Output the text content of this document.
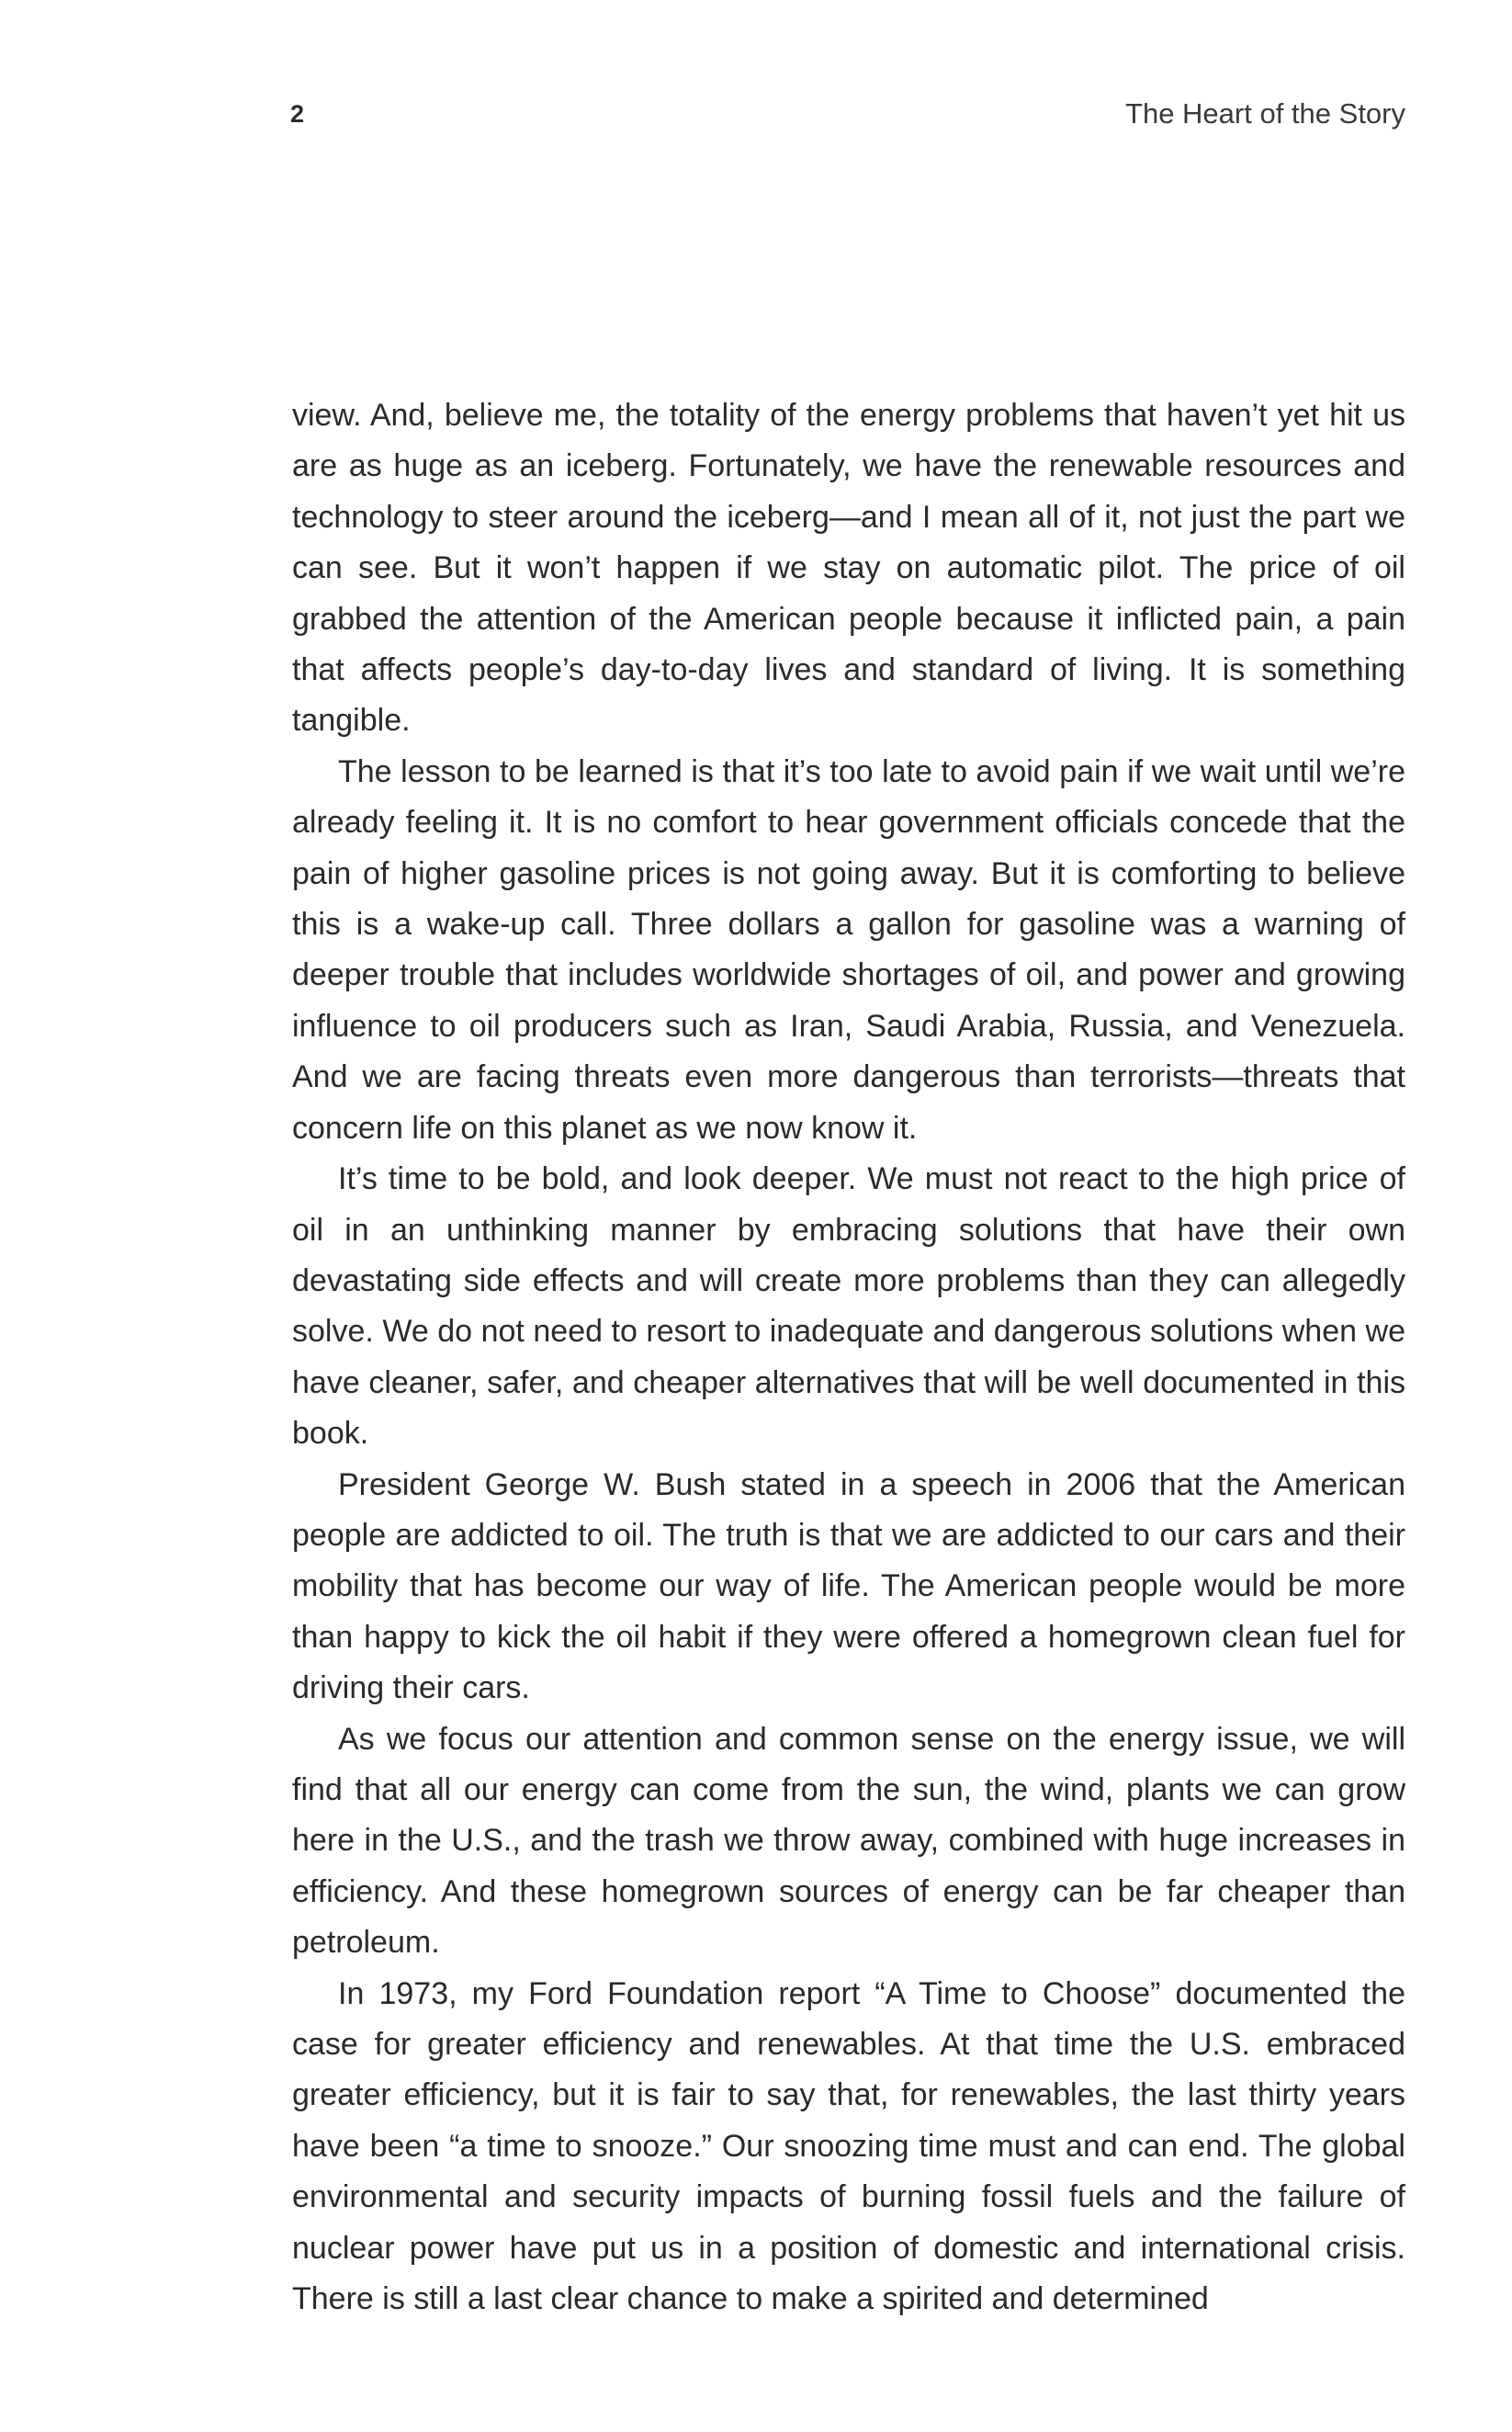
2	The Heart of the Story

view. And, believe me, the totality of the energy problems that haven’t yet hit us are as huge as an iceberg. Fortunately, we have the renewable resources and technology to steer around the iceberg—and I mean all of it, not just the part we can see. But it won’t happen if we stay on automatic pilot. The price of oil grabbed the attention of the American people because it inflicted pain, a pain that affects people’s day-to-day lives and standard of living. It is something tangible.

The lesson to be learned is that it’s too late to avoid pain if we wait until we’re already feeling it. It is no comfort to hear government officials concede that the pain of higher gasoline prices is not going away. But it is comforting to believe this is a wake-up call. Three dollars a gallon for gasoline was a warning of deeper trouble that includes worldwide shortages of oil, and power and growing influence to oil producers such as Iran, Saudi Arabia, Russia, and Venezuela. And we are facing threats even more dangerous than terrorists—threats that concern life on this planet as we now know it.

It’s time to be bold, and look deeper. We must not react to the high price of oil in an unthinking manner by embracing solutions that have their own devastating side effects and will create more problems than they can allegedly solve. We do not need to resort to inadequate and dangerous solutions when we have cleaner, safer, and cheaper alternatives that will be well documented in this book.

President George W. Bush stated in a speech in 2006 that the American people are addicted to oil. The truth is that we are addicted to our cars and their mobility that has become our way of life. The American people would be more than happy to kick the oil habit if they were offered a homegrown clean fuel for driving their cars.

As we focus our attention and common sense on the energy issue, we will find that all our energy can come from the sun, the wind, plants we can grow here in the U.S., and the trash we throw away, combined with huge increases in efficiency. And these homegrown sources of energy can be far cheaper than petroleum.

In 1973, my Ford Foundation report “A Time to Choose” documented the case for greater efficiency and renewables. At that time the U.S. embraced greater efficiency, but it is fair to say that, for renewables, the last thirty years have been “a time to snooze.” Our snoozing time must and can end. The global environmental and security impacts of burning fossil fuels and the failure of nuclear power have put us in a position of domestic and international crisis. There is still a last clear chance to make a spirited and determined
